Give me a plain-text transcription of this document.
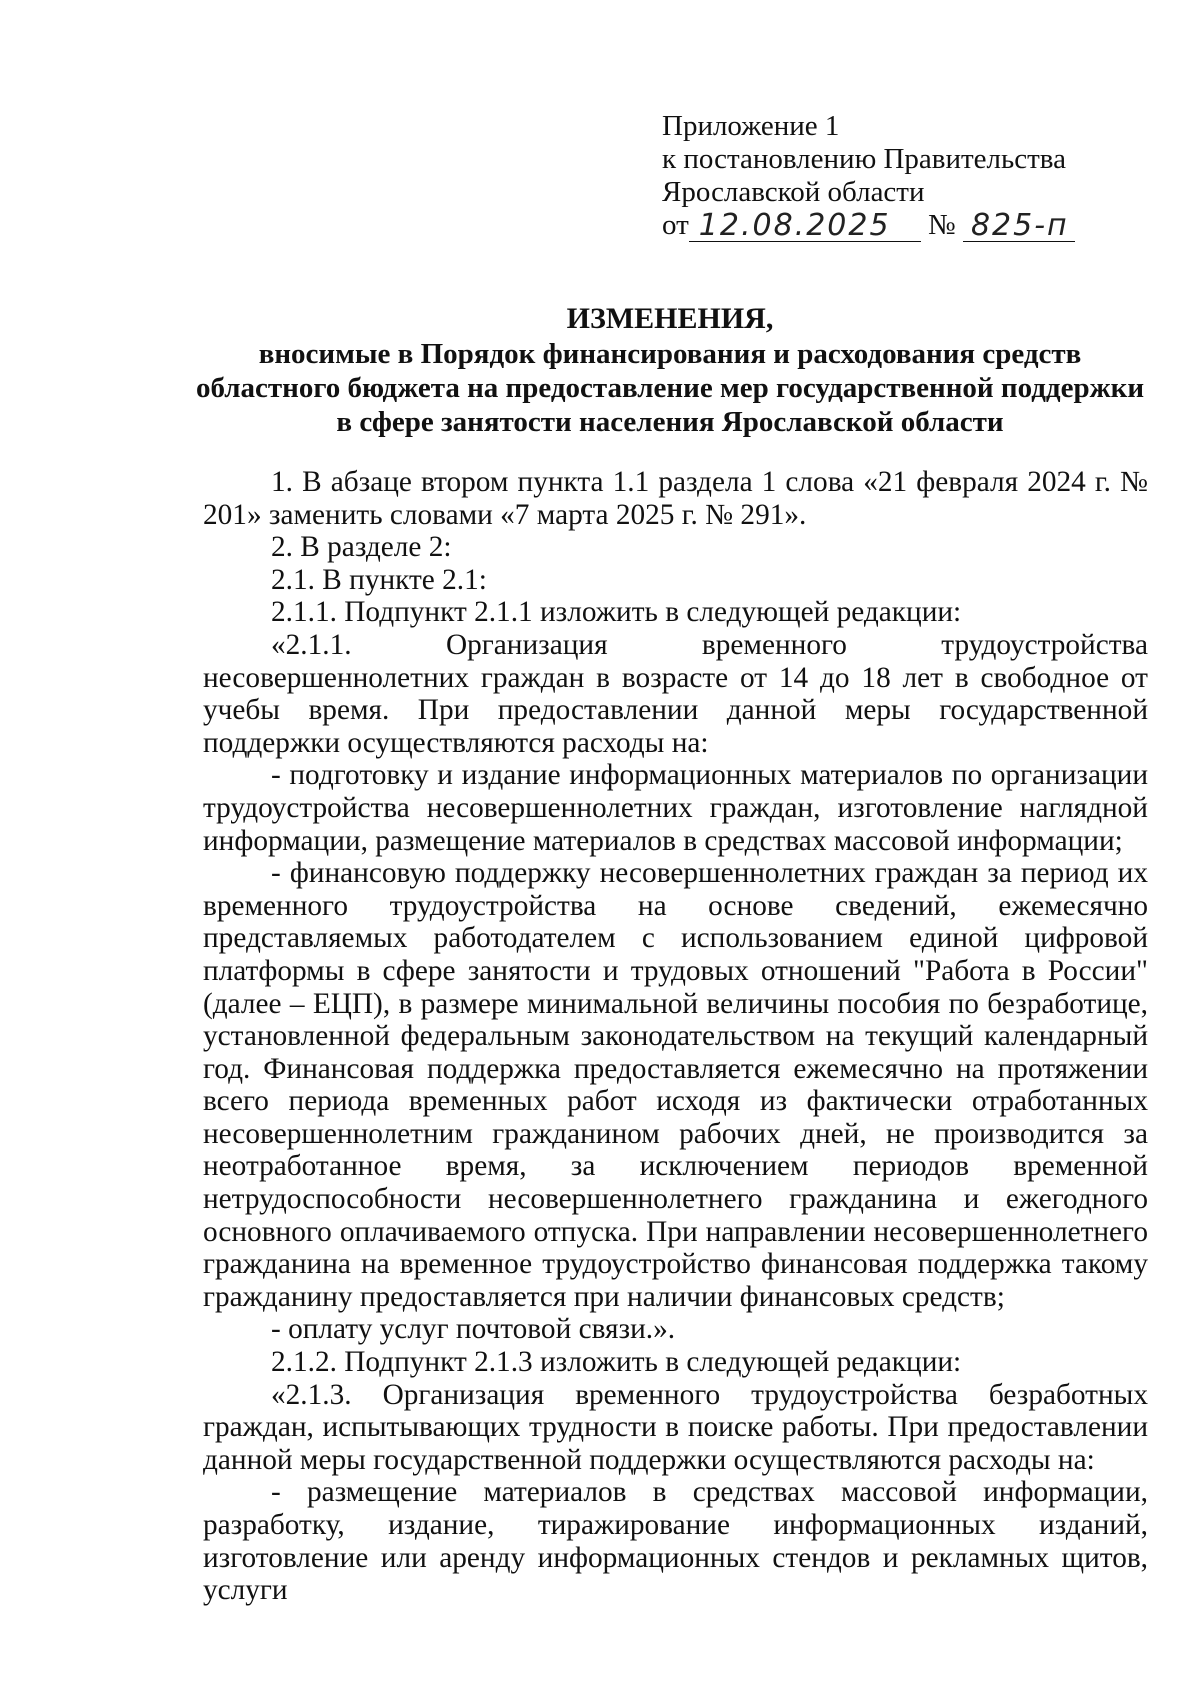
Приложение 1
к постановлению Правительства
Ярославской области
от 12.08.2025 № 825-п
ИЗМЕНЕНИЯ,
вносимые в Порядок финансирования и расходования средств
областного бюджета на предоставление мер государственной поддержки
в сфере занятости населения Ярославской области

1. В абзаце втором пункта 1.1 раздела 1 слова «21 февраля 2024 г. № 201» заменить словами «7 марта 2025 г. № 291».

2. В разделе 2:

2.1. В пункте 2.1:

2.1.1. Подпункт 2.1.1 изложить в следующей редакции:

«2.1.1. Организация временного трудоустройства несовершеннолетних граждан в возрасте от 14 до 18 лет в свободное от учебы время. При предоставлении данной меры государственной поддержки осуществляются расходы на:

- подготовку и издание информационных материалов по организации трудоустройства несовершеннолетних граждан, изготовление наглядной информации, размещение материалов в средствах массовой информации;

- финансовую поддержку несовершеннолетних граждан за период их временного трудоустройства на основе сведений, ежемесячно представляемых работодателем с использованием единой цифровой платформы в сфере занятости и трудовых отношений "Работа в России" (далее – ЕЦП), в размере минимальной величины пособия по безработице, установленной федеральным законодательством на текущий календарный год. Финансовая поддержка предоставляется ежемесячно на протяжении всего периода временных работ исходя из фактически отработанных несовершеннолетним гражданином рабочих дней, не производится за неотработанное время, за исключением периодов временной нетрудоспособности несовершеннолетнего гражданина и ежегодного основного оплачиваемого отпуска. При направлении несовершеннолетнего гражданина на временное трудоустройство финансовая поддержка такому гражданину предоставляется при наличии финансовых средств;

- оплату услуг почтовой связи.».

2.1.2. Подпункт 2.1.3 изложить в следующей редакции:

«2.1.3. Организация временного трудоустройства безработных граждан, испытывающих трудности в поиске работы. При предоставлении данной меры государственной поддержки осуществляются расходы на:

- размещение материалов в средствах массовой информации, разработку, издание, тиражирование информационных изданий, изготовление или аренду информационных стендов и рекламных щитов, услуги
